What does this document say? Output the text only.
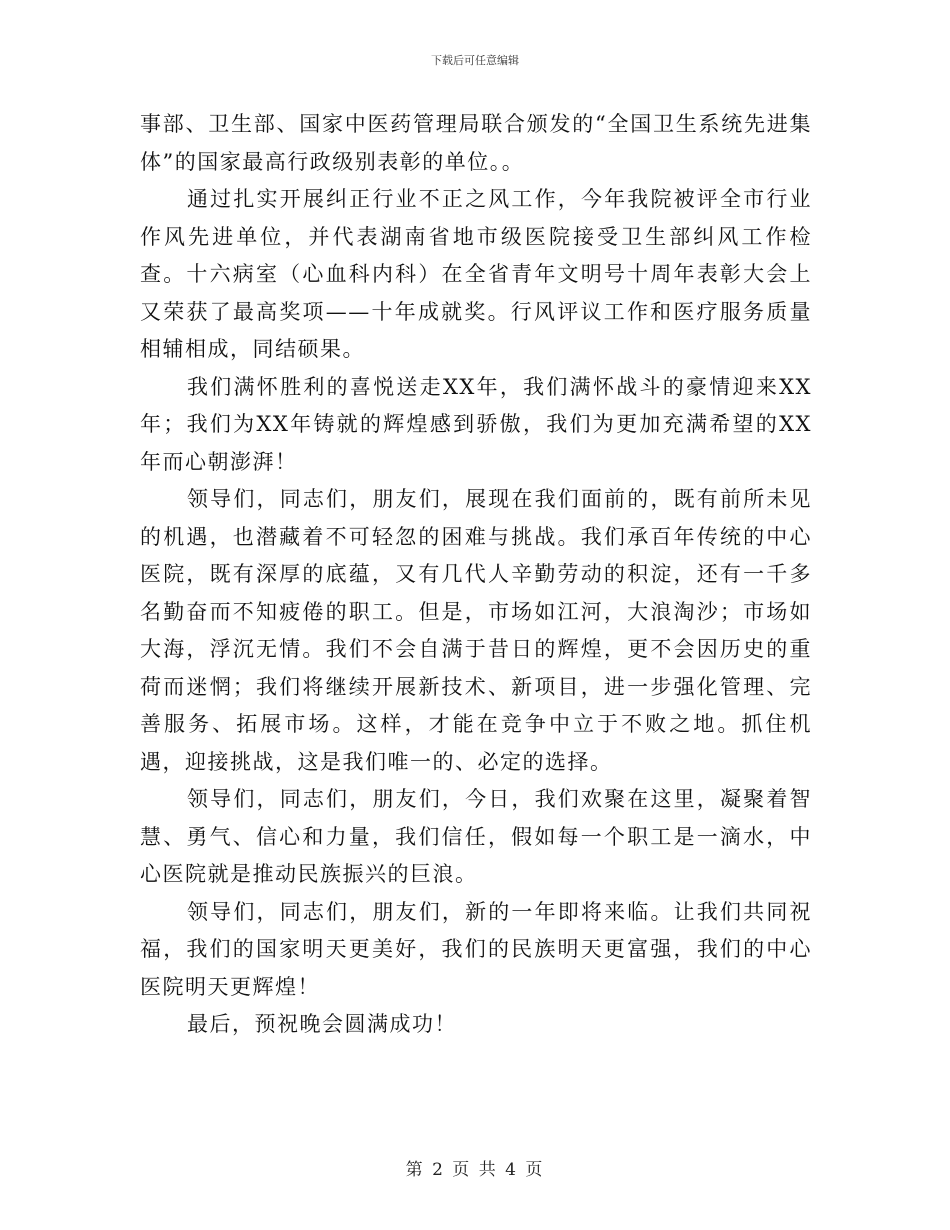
下载后可任意编辑

事部、卫生部、国家中医药管理局联合颁发的“全国卫生系统先进集体”的国家最高行政级别表彰的单位。。

通过扎实开展纠正行业不正之风工作，今年我院被评全市行业作风先进单位，并代表湖南省地市级医院接受卫生部纠风工作检查。十六病室（心血科内科）在全省青年文明号十周年表彰大会上又荣获了最高奖项——十年成就奖。行风评议工作和医疗服务质量相辅相成，同结硕果。

我们满怀胜利的喜悦送走XX年，我们满怀战斗的豪情迎来XX年；我们为XX年铸就的辉煌感到骄傲，我们为更加充满希望的XX年而心朝澎湃！

领导们，同志们，朋友们，展现在我们面前的，既有前所未见的机遇，也潜藏着不可轻忽的困难与挑战。我们承百年传统的中心医院，既有深厚的底蕴，又有几代人辛勤劳动的积淀，还有一千多名勤奋而不知疲倦的职工。但是，市场如江河，大浪淘沙；市场如大海，浮沉无情。我们不会自满于昔日的辉煌，更不会因历史的重荷而迷惘；我们将继续开展新技术、新项目，进一步强化管理、完善服务、拓展市场。这样，才能在竞争中立于不败之地。抓住机遇，迎接挑战，这是我们唯一的、必定的选择。

领导们，同志们，朋友们，今日，我们欢聚在这里，凝聚着智慧、勇气、信心和力量，我们信任，假如每一个职工是一滴水，中心医院就是推动民族振兴的巨浪。

领导们，同志们，朋友们，新的一年即将来临。让我们共同祝福，我们的国家明天更美好，我们的民族明天更富强，我们的中心医院明天更辉煌！

最后，预祝晚会圆满成功！

第 2 页 共 4 页
